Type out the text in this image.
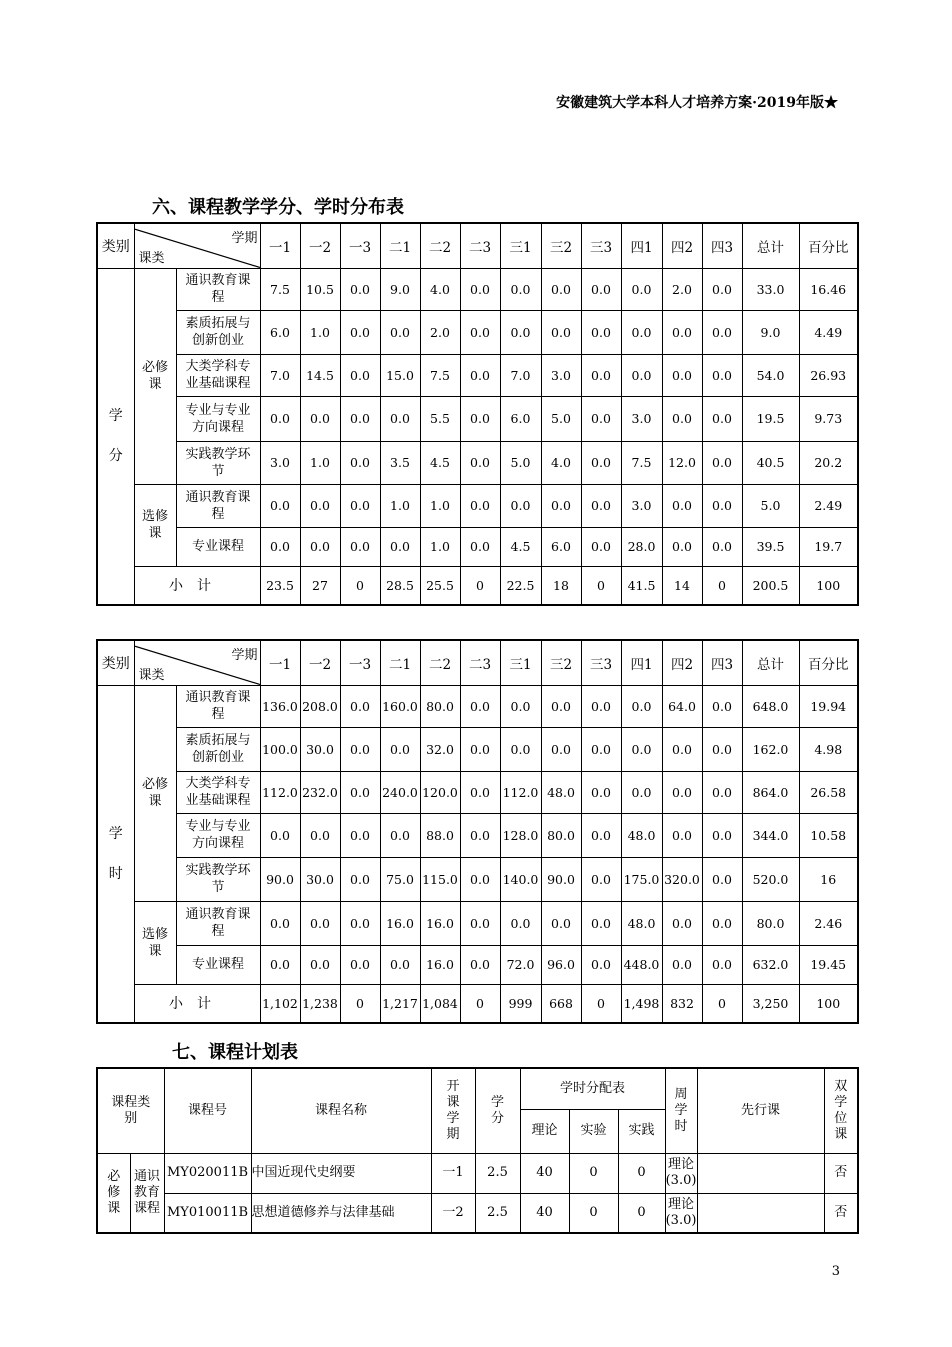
安徽建筑大学本科人才培养方案·2019年版★
六、课程教学学分、学时分布表
类别	学期
课类		一1	一2	一3	二1	二2	二3	三1	三2	三3	四1	四2	四3	总计	百分比

学
分	必修课	通识教育课程	7.5	10.5	0.0	9.0	4.0	0.0	0.0	0.0	0.0	0.0	2.0	0.0	33.0	16.46
		素质拓展与创新创业	6.0	1.0	0.0	0.0	2.0	0.0	0.0	0.0	0.0	0.0	0.0	0.0	9.0	4.49
		大类学科专业基础课程	7.0	14.5	0.0	15.0	7.5	0.0	7.0	3.0	0.0	0.0	0.0	0.0	54.0	26.93
		专业与专业方向课程	0.0	0.0	0.0	0.0	5.5	0.0	6.0	5.0	0.0	3.0	0.0	0.0	19.5	9.73
		实践教学环节	3.0	1.0	0.0	3.5	4.5	0.0	5.0	4.0	0.0	7.5	12.0	0.0	40.5	20.2
	选修课	通识教育课程	0.0	0.0	0.0	1.0	1.0	0.0	0.0	0.0	0.0	3.0	0.0	0.0	5.0	2.49
		专业课程	0.0	0.0	0.0	0.0	1.0	0.0	4.5	6.0	0.0	28.0	0.0	0.0	39.5	19.7
	小计		23.5	27	0	28.5	25.5	0	22.5	18	0	41.5	14	0	200.5	100
类别	学期
课类		一1	一2	一3	二1	二2	二3	三1	三2	三3	四1	四2	四3	总计	百分比

学
时	必修课	通识教育课程	136.0	208.0	0.0	160.0	80.0	0.0	0.0	0.0	0.0	0.0	64.0	0.0	648.0	19.94
		素质拓展与创新创业	100.0	30.0	0.0	0.0	32.0	0.0	0.0	0.0	0.0	0.0	0.0	0.0	162.0	4.98
		大类学科专业基础课程	112.0	232.0	0.0	240.0	120.0	0.0	112.0	48.0	0.0	0.0	0.0	0.0	864.0	26.58
		专业与专业方向课程	0.0	0.0	0.0	0.0	88.0	0.0	128.0	80.0	0.0	48.0	0.0	0.0	344.0	10.58
		实践教学环节	90.0	30.0	0.0	75.0	115.0	0.0	140.0	90.0	0.0	175.0	320.0	0.0	520.0	16
	选修课	通识教育课程	0.0	0.0	0.0	16.0	16.0	0.0	0.0	0.0	0.0	48.0	0.0	0.0	80.0	2.46
		专业课程	0.0	0.0	0.0	0.0	16.0	0.0	72.0	96.0	0.0	448.0	0.0	0.0	632.0	19.45
	小计		1,102	1,238	0	1,217	1,084	0	999	668	0	1,498	832	0	3,250	100
七、课程计划表
课程类别		课程号	课程名称	开课学期	学分	学时分配表			周学时	先行课	双学位课
						理论	实验	实践			
必修课	通识教育课程	MY020011B	中国近现代史纲要	一1	2.5	40	0	0	理论(3.0)		否
		MY010011B	思想道德修养与法律基础	一2	2.5	40	0	0	理论(3.0)		否
3
